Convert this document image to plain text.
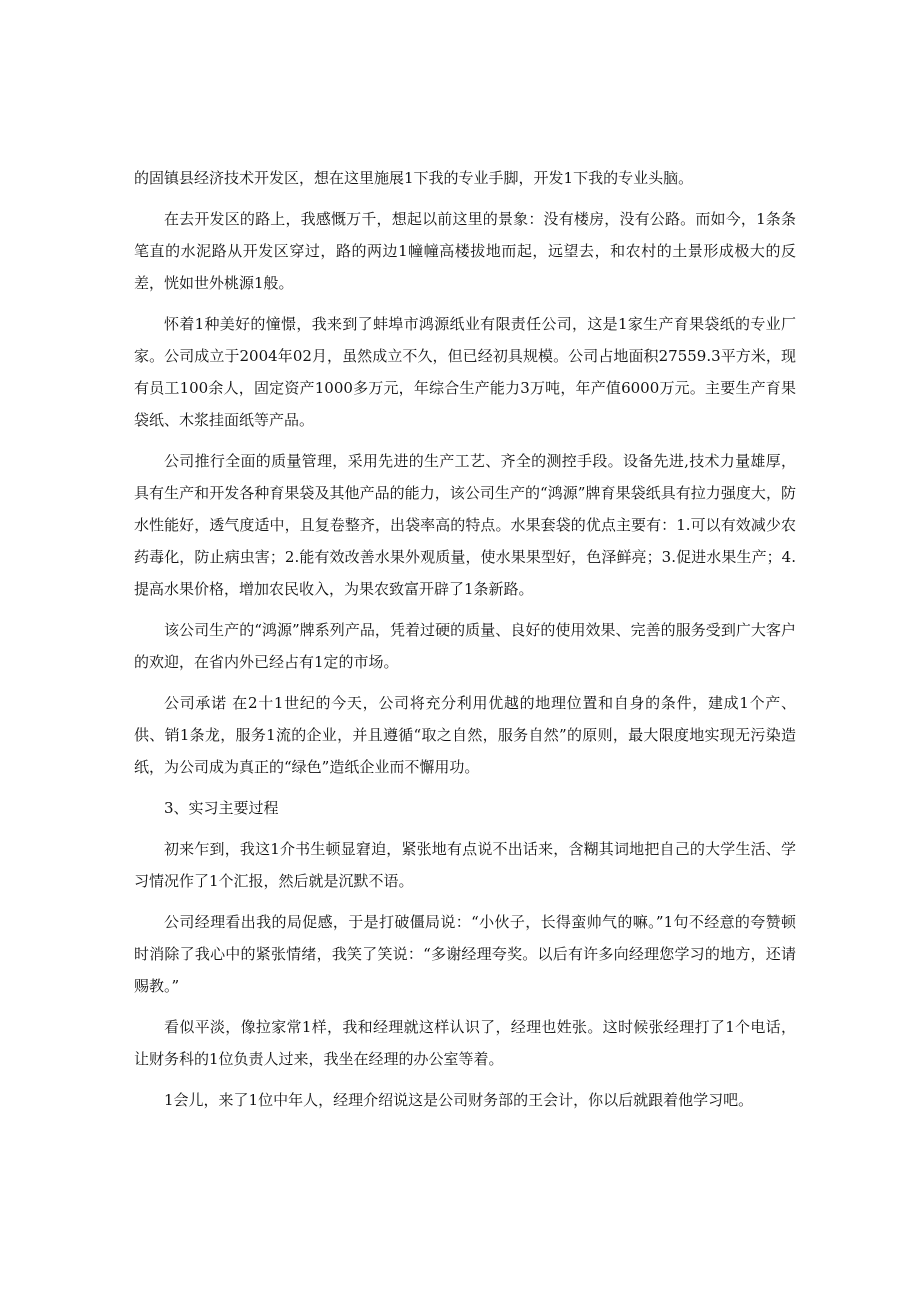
的固镇县经济技术开发区，想在这里施展1下我的专业手脚，开发1下我的专业头脑。

在去开发区的路上，我感慨万千，想起以前这里的景象：没有楼房，没有公路。而如今，1条条笔直的水泥路从开发区穿过，路的两边1幢幢高楼拔地而起，远望去，和农村的土景形成极大的反差，恍如世外桃源1般。

怀着1种美好的憧憬，我来到了蚌埠市鸿源纸业有限责任公司，这是1家生产育果袋纸的专业厂家。公司成立于2004年02月，虽然成立不久，但已经初具规模。公司占地面积27559.3平方米，现有员工100余人，固定资产1000多万元，年综合生产能力3万吨，年产值6000万元。主要生产育果袋纸、木浆挂面纸等产品。

公司推行全面的质量管理，采用先进的生产工艺、齐全的测控手段。设备先进,技术力量雄厚，具有生产和开发各种育果袋及其他产品的能力，该公司生产的“鸿源”牌育果袋纸具有拉力强度大，防水性能好，透气度适中，且复卷整齐，出袋率高的特点。水果套袋的优点主要有：1.可以有效减少农药毒化，防止病虫害；2.能有效改善水果外观质量，使水果果型好，色泽鲜亮；3.促进水果生产；4.提高水果价格，增加农民收入，为果农致富开辟了1条新路。

该公司生产的“鸿源”牌系列产品，凭着过硬的质量、良好的使用效果、完善的服务受到广大客户的欢迎，在省内外已经占有1定的市场。

公司承诺 在2十1世纪的今天，公司将充分利用优越的地理位置和自身的条件，建成1个产、供、销1条龙，服务1流的企业，并且遵循“取之自然，服务自然”的原则，最大限度地实现无污染造纸，为公司成为真正的“绿色”造纸企业而不懈用功。

3、实习主要过程

初来乍到，我这1介书生顿显窘迫，紧张地有点说不出话来，含糊其词地把自己的大学生活、学习情况作了1个汇报，然后就是沉默不语。

公司经理看出我的局促感，于是打破僵局说：“小伙子，长得蛮帅气的嘛。”1句不经意的夸赞顿时消除了我心中的紧张情绪，我笑了笑说：“多谢经理夸奖。以后有许多向经理您学习的地方，还请赐教。”

看似平淡，像拉家常1样，我和经理就这样认识了，经理也姓张。这时候张经理打了1个电话，让财务科的1位负责人过来，我坐在经理的办公室等着。

1会儿，来了1位中年人，经理介绍说这是公司财务部的王会计，你以后就跟着他学习吧。
